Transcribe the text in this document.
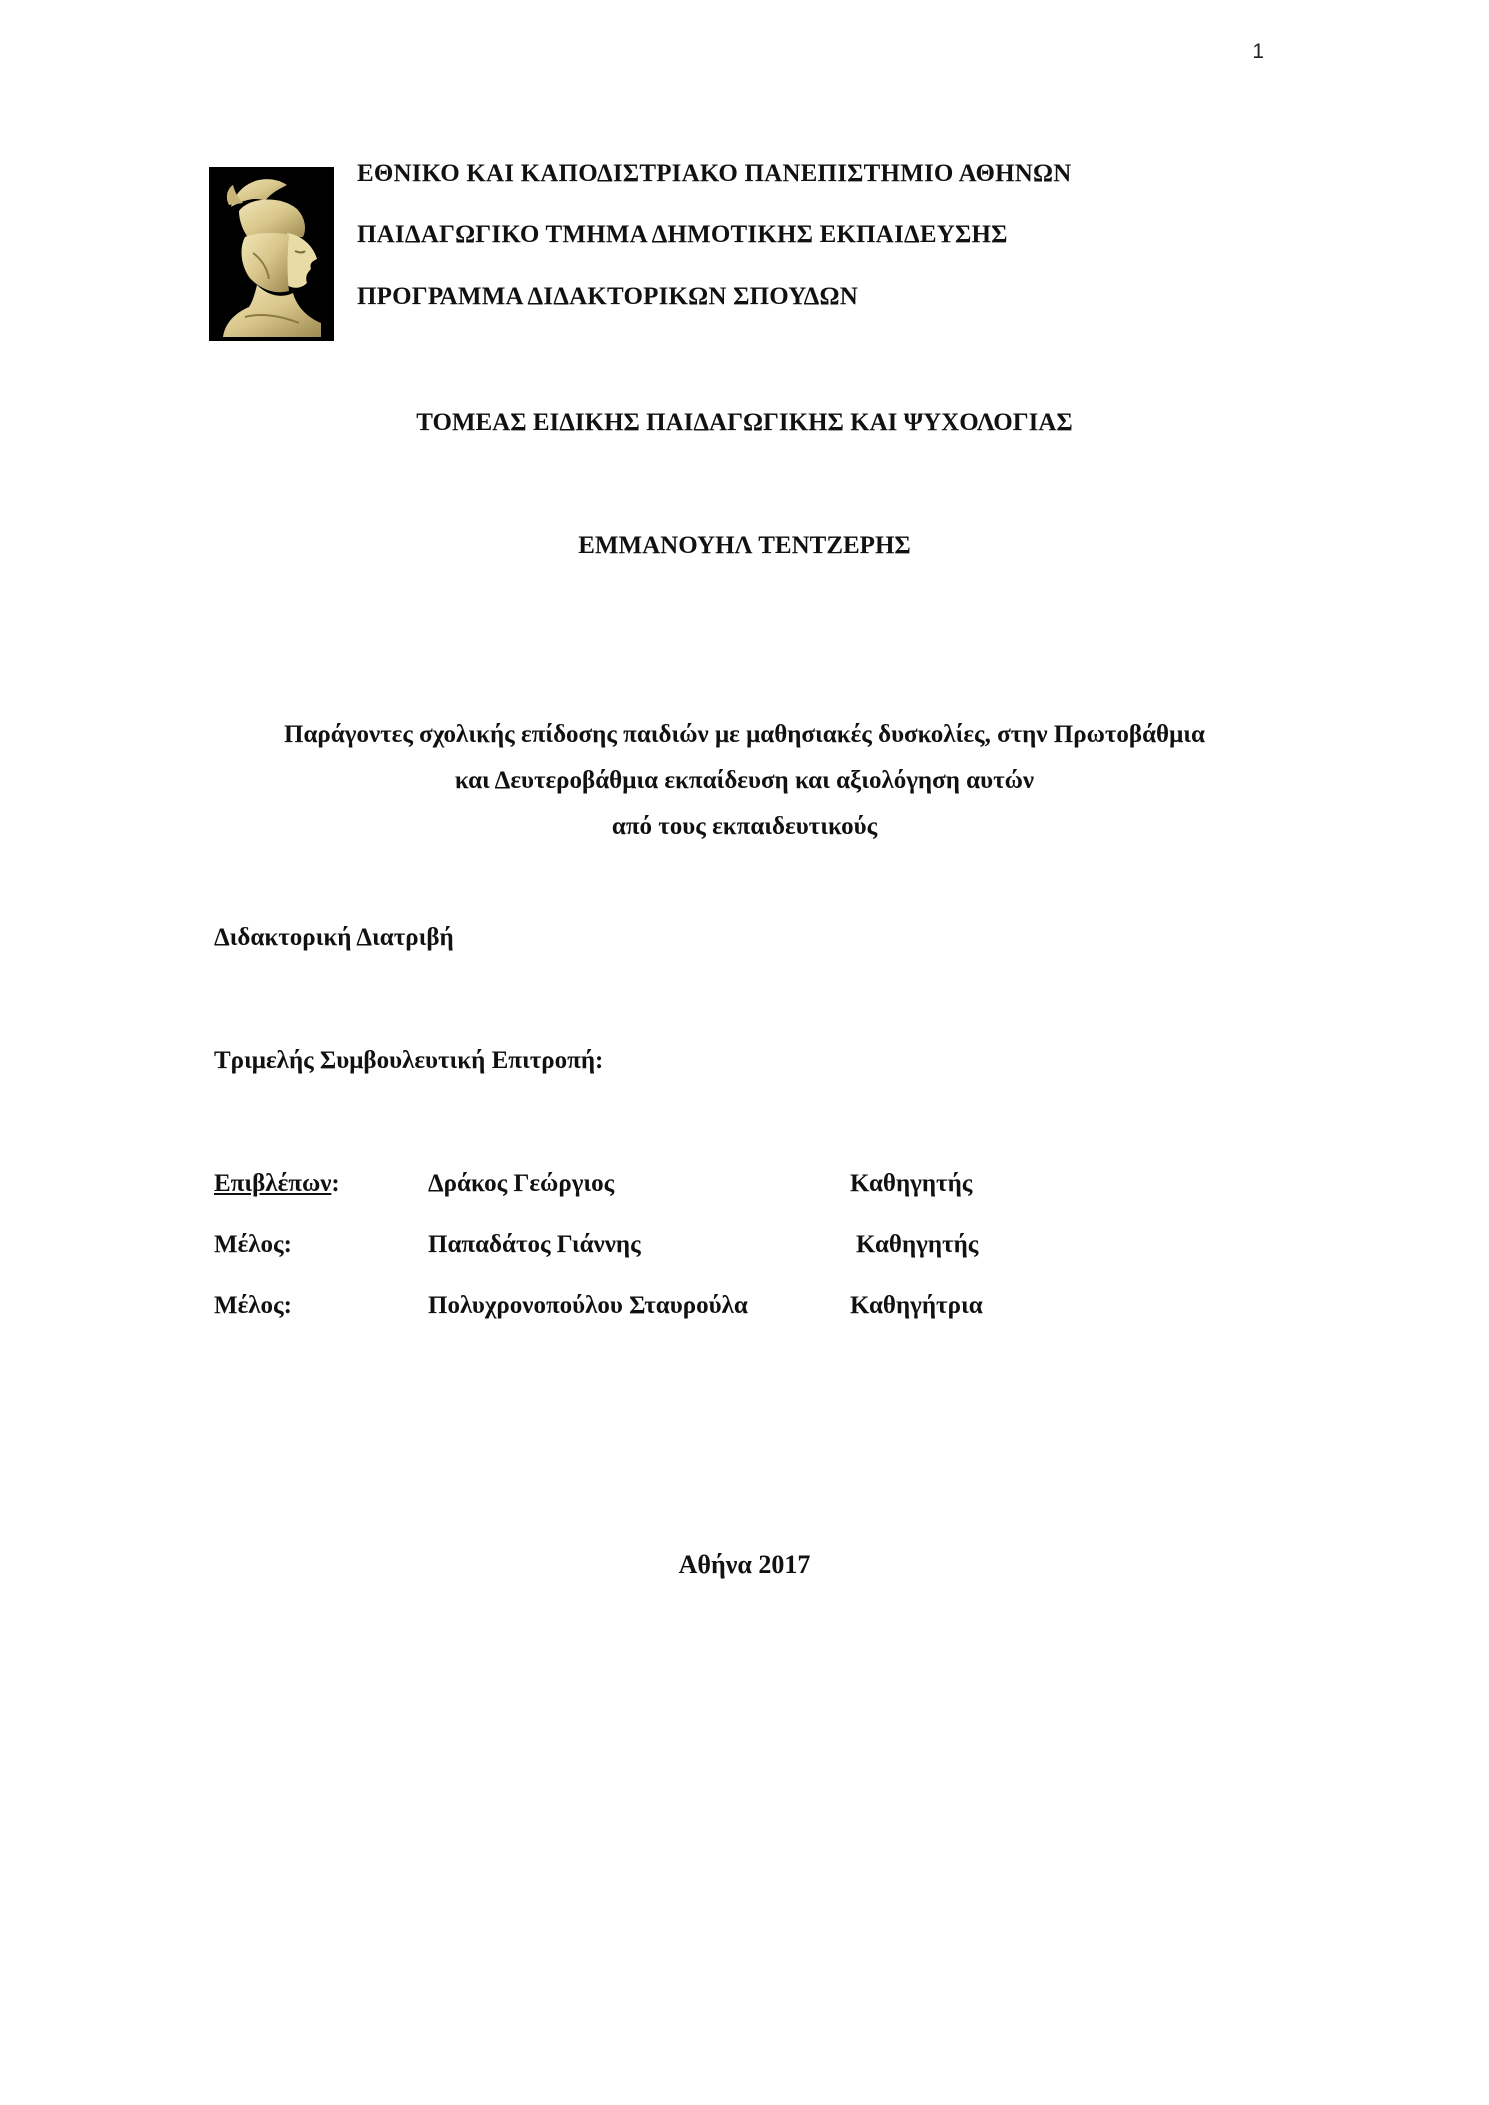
1
ΕΘΝΙΚΟ ΚΑΙ ΚΑΠΟΔΙΣΤΡΙΑΚΟ ΠΑΝΕΠΙΣΤΗΜΙΟ ΑΘΗΝΩΝ
ΠΑΙΔΑΓΩΓΙΚΟ ΤΜΗΜΑ ΔΗΜΟΤΙΚΗΣ ΕΚΠΑΙΔΕΥΣΗΣ
ΠΡΟΓΡΑΜΜΑ ΔΙΔΑΚΤΟΡΙΚΩΝ ΣΠΟΥΔΩΝ
ΤΟΜΕΑΣ ΕΙΔΙΚΗΣ ΠΑΙΔΑΓΩΓΙΚΗΣ ΚΑΙ ΨΥΧΟΛΟΓΙΑΣ
ΕΜΜΑΝΟΥΗΛ ΤΕΝΤΖΕΡΗΣ
Παράγοντες σχολικής επίδοσης παιδιών με μαθησιακές δυσκολίες, στην Πρωτοβάθμια
και Δευτεροβάθμια εκπαίδευση και αξιολόγηση αυτών
από τους εκπαιδευτικούς
Διδακτορική Διατριβή
Τριμελής Συμβουλευτική Επιτροπή:
Επιβλέπων:	Δράκος Γεώργιος	Καθηγητής
Μέλος:	Παπαδάτος Γιάννης	Καθηγητής
Μέλος:	Πολυχρονοπούλου Σταυρούλα	Καθηγήτρια
Αθήνα 2017
